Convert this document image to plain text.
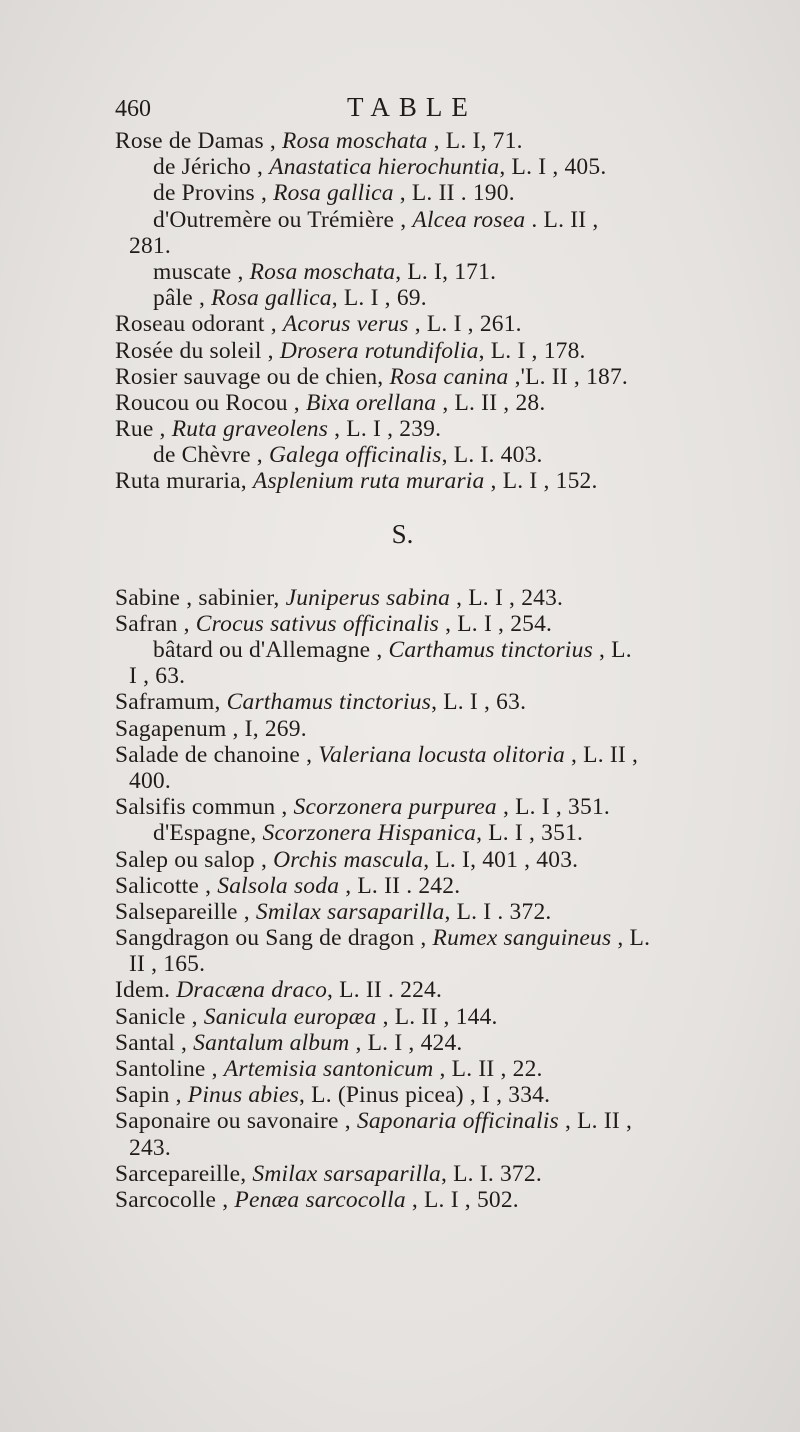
460	TABLE
Rose de Damas , Rosa moschata , L. I, 71.
de Jéricho , Anastatica hierochuntia, L. I , 405.
de Provins , Rosa gallica , L. II . 190.
d'Outremère ou Trémière , Alcea rosea . L. II ,
281.
muscate , Rosa moschata, L. I, 171.
pâle , Rosa gallica, L. I , 69.
Roseau odorant , Acorus verus , L. I , 261.
Rosée du soleil , Drosera rotundifolia, L. I , 178.
Rosier sauvage ou de chien, Rosa canina ,'L. II , 187.
Roucou ou Rocou , Bixa orellana , L. II , 28.
Rue , Ruta graveolens , L. I , 239.
de Chèvre , Galega officinalis, L. I. 403.
Ruta muraria, Asplenium ruta muraria , L. I , 152.
S.
Sabine , sabinier, Juniperus sabina , L. I , 243.
Safran , Crocus sativus officinalis , L. I , 254.
bâtard ou d'Allemagne , Carthamus tinctorius , L.
I , 63.
Saframum, Carthamus tinctorius, L. I , 63.
Sagapenum , I, 269.
Salade de chanoine , Valeriana locusta olitoria , L. II ,
400.
Salsifis commun , Scorzonera purpurea , L. I , 351.
d'Espagne, Scorzonera Hispanica, L. I , 351.
Salep ou salop , Orchis mascula, L. I, 401 , 403.
Salicotte , Salsola soda , L. II . 242.
Salsepareille , Smilax sarsaparilla, L. I . 372.
Sangdragon ou Sang de dragon , Rumex sanguineus , L.
II , 165.
Idem. Dracæna draco, L. II . 224.
Sanicle , Sanicula europæa , L. II , 144.
Santal , Santalum album , L. I , 424.
Santoline , Artemisia santonicum , L. II , 22.
Sapin , Pinus abies, L. (Pinus picea) , I , 334.
Saponaire ou savonaire , Saponaria officinalis , L. II ,
243.
Sarcepareille, Smilax sarsaparilla, L. I. 372.
Sarcocolle , Penæa sarcocolla , L. I , 502.
